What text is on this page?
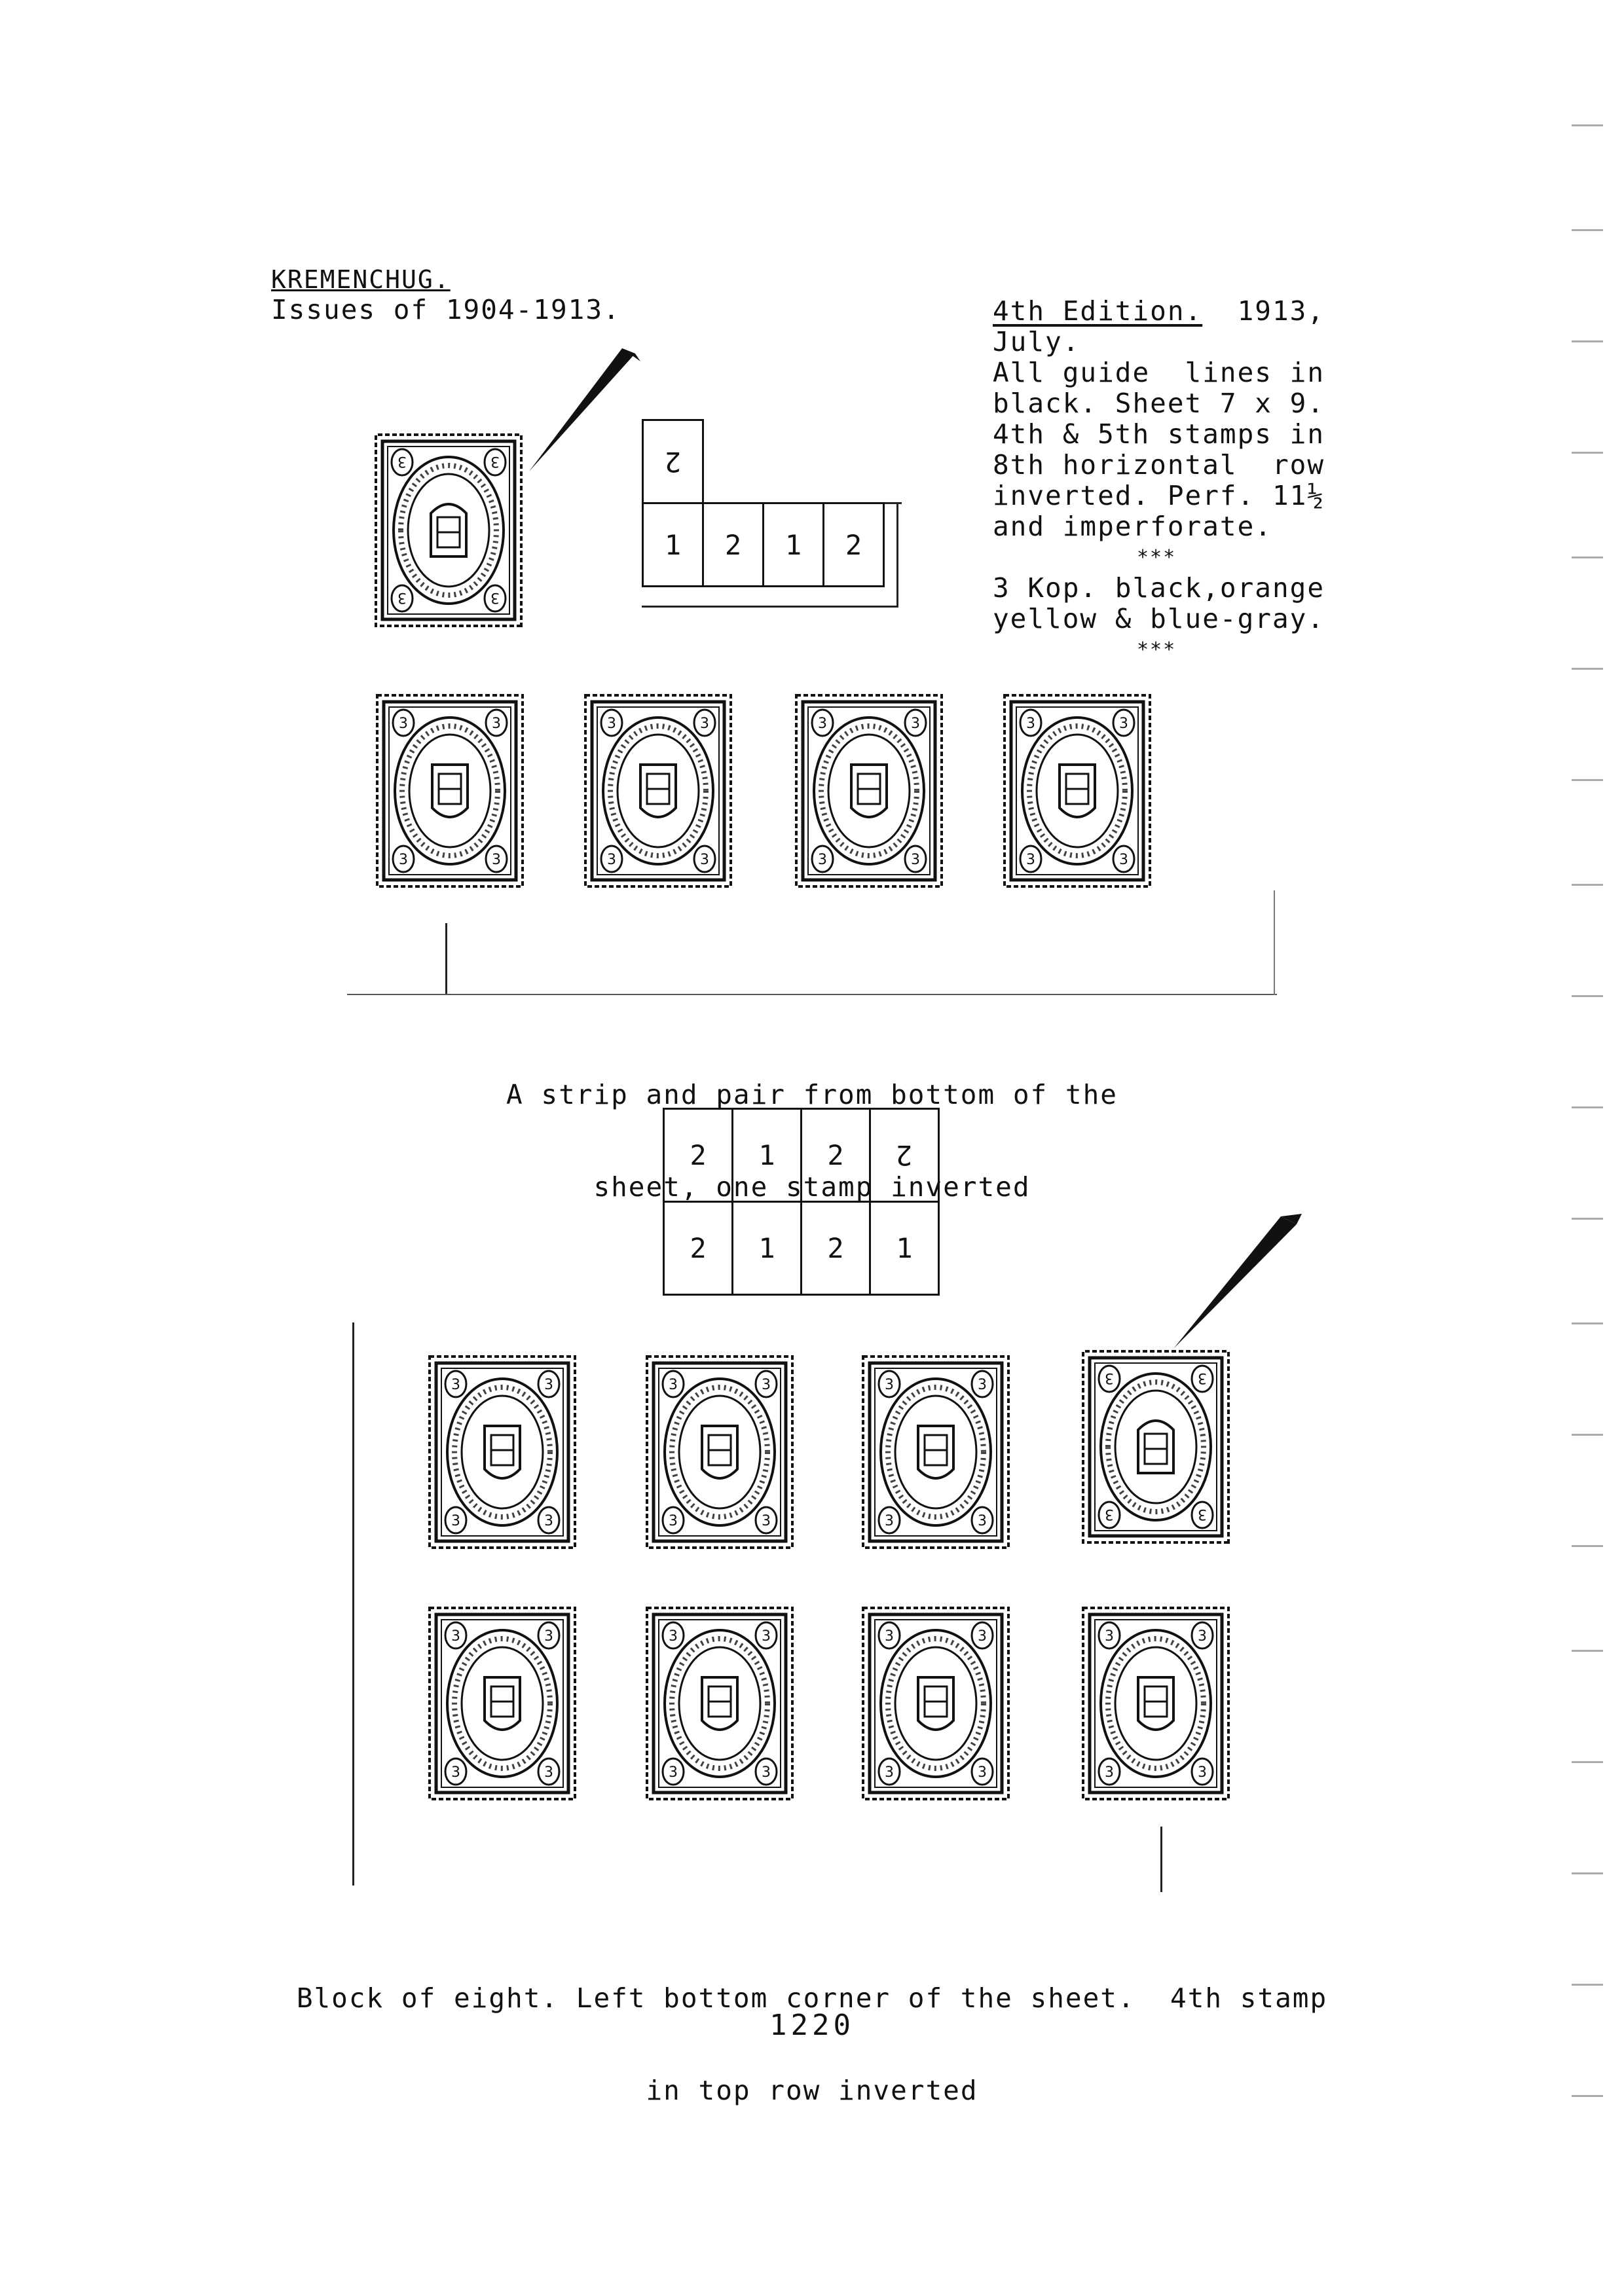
KREMENCHUG.
Issues of 1904-1913.	4th Edition. 1913,
July.
All guide  lines in
black. Sheet 7 x 9.
4th & 5th stamps in
8th horizontal  row
inverted. Perf. 11½
and imperforate.
***
3 Kop. black,orange
yellow & blue-gray.
***
2
1	2	1	2

A strip and pair from bottom of the

sheet, one stamp inverted

2	1	2	2
2	1	2	1

Block of eight. Left bottom corner of the sheet.  4th stamp

in top row inverted

1220
